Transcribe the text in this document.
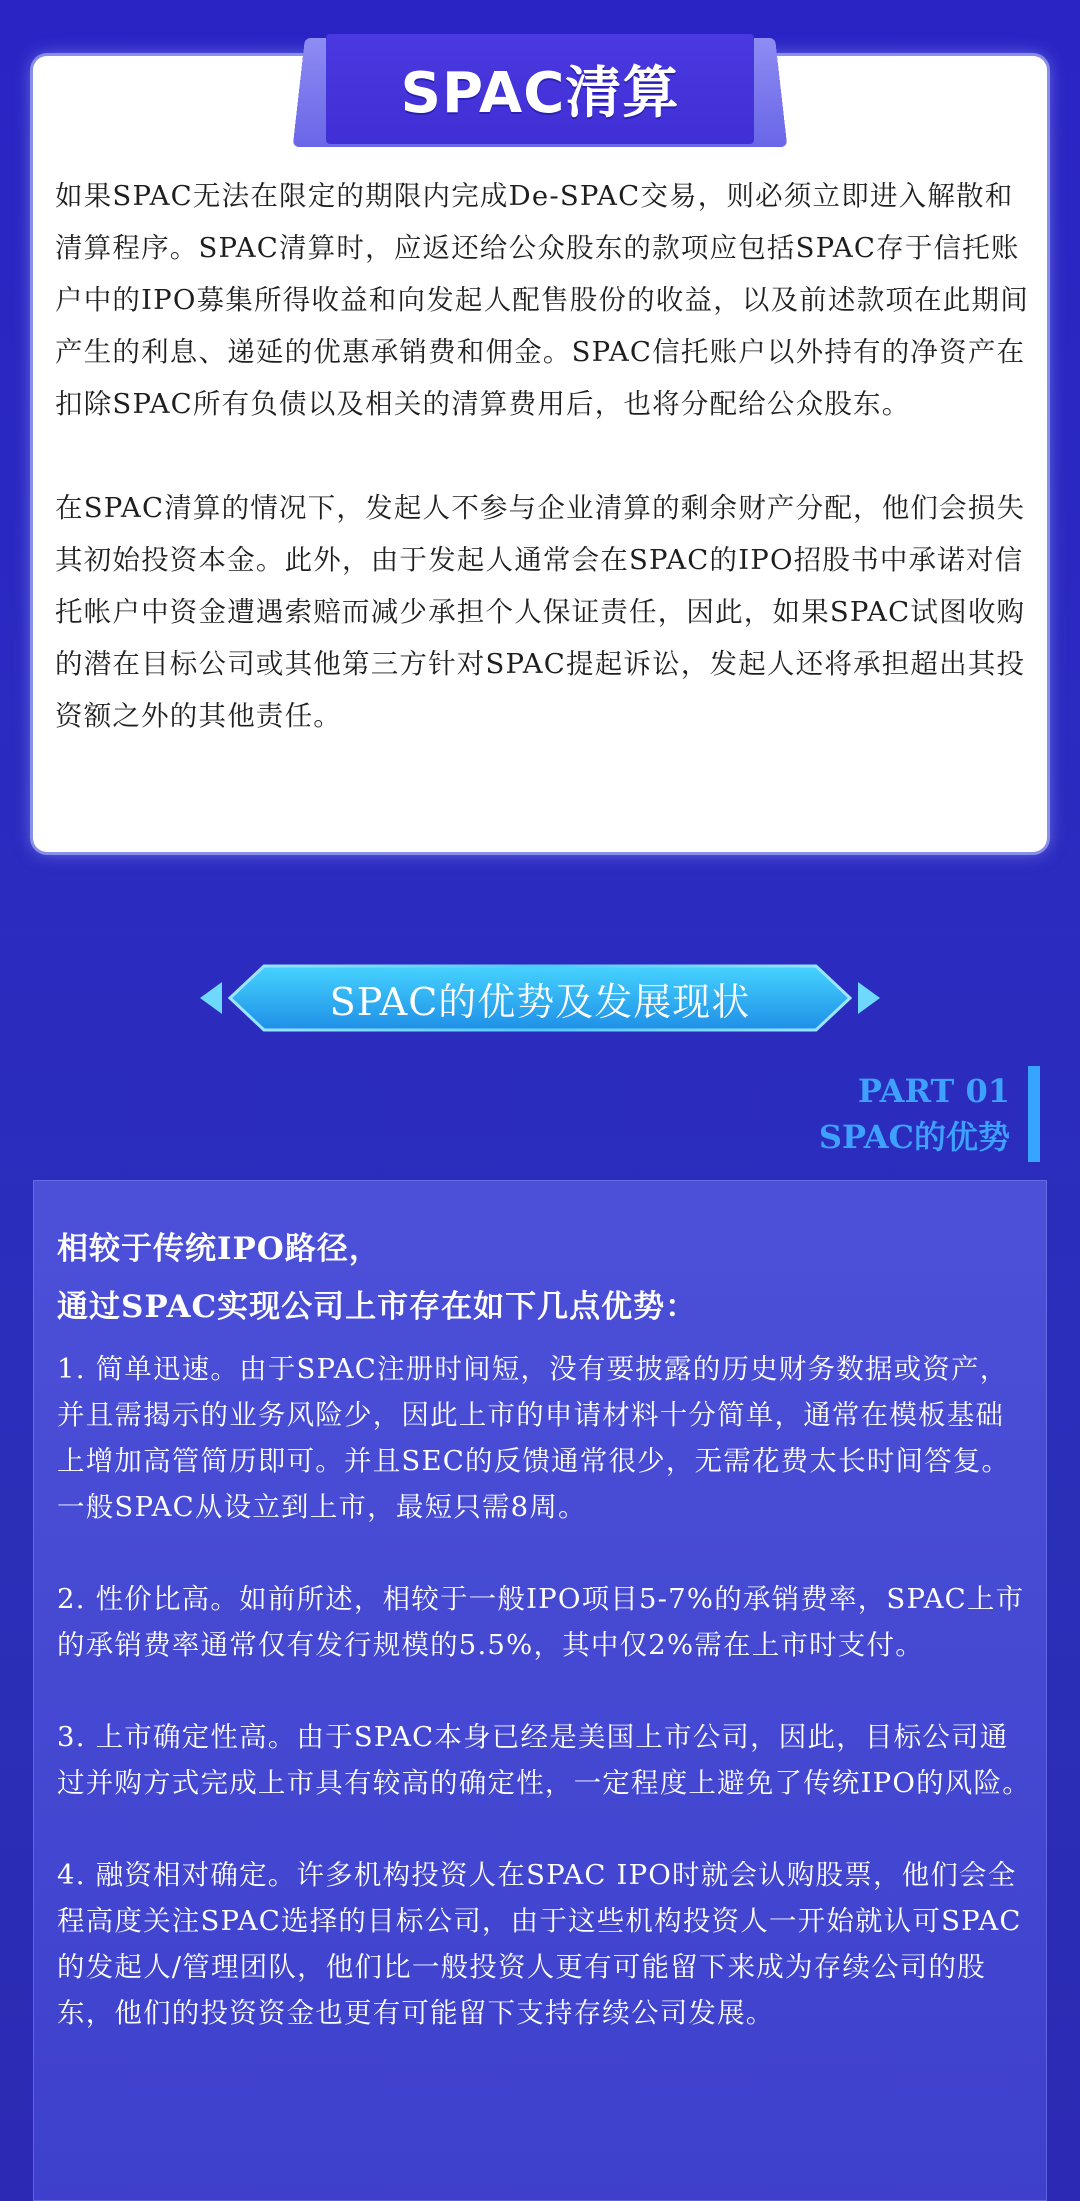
SPAC清算

如果SPAC无法在限定的期限内完成De-SPAC交易，则必须立即进入解散和清算程序。SPAC清算时，应返还给公众股东的款项应包括SPAC存于信托账户中的IPO募集所得收益和向发起人配售股份的收益，以及前述款项在此期间产生的利息、递延的优惠承销费和佣金。SPAC信托账户以外持有的净资产在扣除SPAC所有负债以及相关的清算费用后，也将分配给公众股东。

在SPAC清算的情况下，发起人不参与企业清算的剩余财产分配，他们会损失其初始投资本金。此外，由于发起人通常会在SPAC的IPO招股书中承诺对信托帐户中资金遭遇索赔而减少承担个人保证责任，因此，如果SPAC试图收购的潜在目标公司或其他第三方针对SPAC提起诉讼，发起人还将承担超出其投资额之外的其他责任。

SPAC的优势及发展现状
PART 01
SPAC的优势
相较于传统IPO路径，
通过SPAC实现公司上市存在如下几点优势：

1. 简单迅速。由于SPAC注册时间短，没有要披露的历史财务数据或资产，并且需揭示的业务风险少，因此上市的申请材料十分简单，通常在模板基础上增加高管简历即可。并且SEC的反馈通常很少，无需花费太长时间答复。一般SPAC从设立到上市，最短只需8周。

2. 性价比高。如前所述，相较于一般IPO项目5-7%的承销费率，SPAC上市的承销费率通常仅有发行规模的5.5%，其中仅2%需在上市时支付。

3. 上市确定性高。由于SPAC本身已经是美国上市公司，因此，目标公司通过并购方式完成上市具有较高的确定性，一定程度上避免了传统IPO的风险。

4. 融资相对确定。许多机构投资人在SPAC IPO时就会认购股票，他们会全程高度关注SPAC选择的目标公司，由于这些机构投资人一开始就认可SPAC的发起人/管理团队，他们比一般投资人更有可能留下来成为存续公司的股东，他们的投资资金也更有可能留下支持存续公司发展。
